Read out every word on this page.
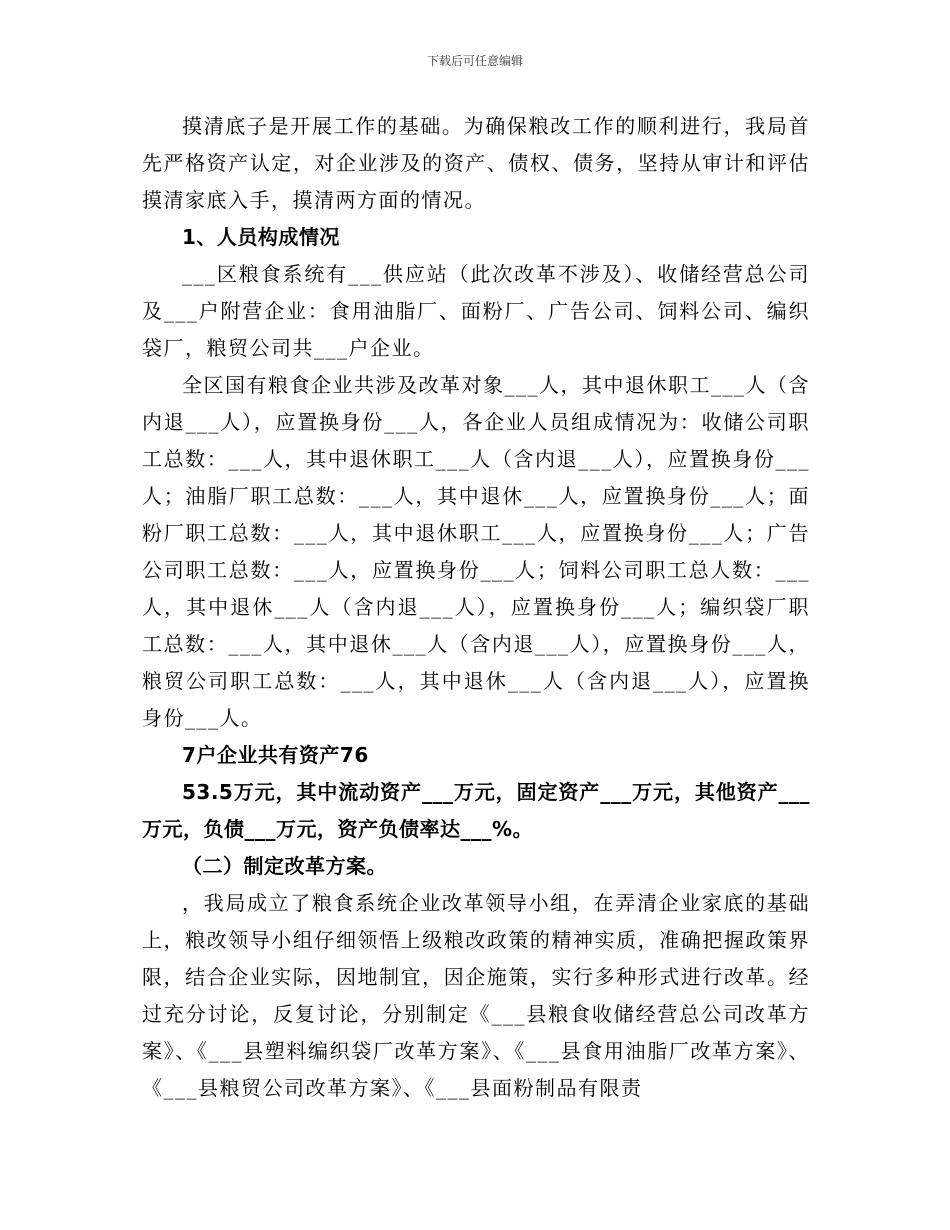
下载后可任意编辑

摸清底子是开展工作的基础。为确保粮改工作的顺利进行，我局首先严格资产认定，对企业涉及的资产、债权、债务，坚持从审计和评估摸清家底入手，摸清两方面的情况。

1、人员构成情况

___区粮食系统有___供应站（此次改革不涉及）、收储经营总公司及___户附营企业：食用油脂厂、面粉厂、广告公司、饲料公司、编织袋厂，粮贸公司共___户企业。

全区国有粮食企业共涉及改革对象___人，其中退休职工___人（含内退___人），应置换身份___人，各企业人员组成情况为：收储公司职工总数：___人，其中退休职工___人（含内退___人），应置换身份___人；油脂厂职工总数：___人，其中退休___人，应置换身份___人；面粉厂职工总数：___人，其中退休职工___人，应置换身份___人；广告公司职工总数：___人，应置换身份___人；饲料公司职工总人数：___人，其中退休___人（含内退___人），应置换身份___人；编织袋厂职工总数：___人，其中退休___人（含内退___人），应置换身份___人，粮贸公司职工总数：___人，其中退休___人（含内退___人），应置换身份___人。

7户企业共有资产76

53.5万元，其中流动资产___万元，固定资产___万元，其他资产___万元，负债___万元，资产负债率达___%。

（二）制定改革方案。

，我局成立了粮食系统企业改革领导小组，在弄清企业家底的基础上，粮改领导小组仔细领悟上级粮改政策的精神实质，准确把握政策界限，结合企业实际，因地制宜，因企施策，实行多种形式进行改革。经过充分讨论，反复讨论，分别制定《___县粮食收储经营总公司改革方案》、《___县塑料编织袋厂改革方案》、《___县食用油脂厂改革方案》、《___县粮贸公司改革方案》、《___县面粉制品有限责
